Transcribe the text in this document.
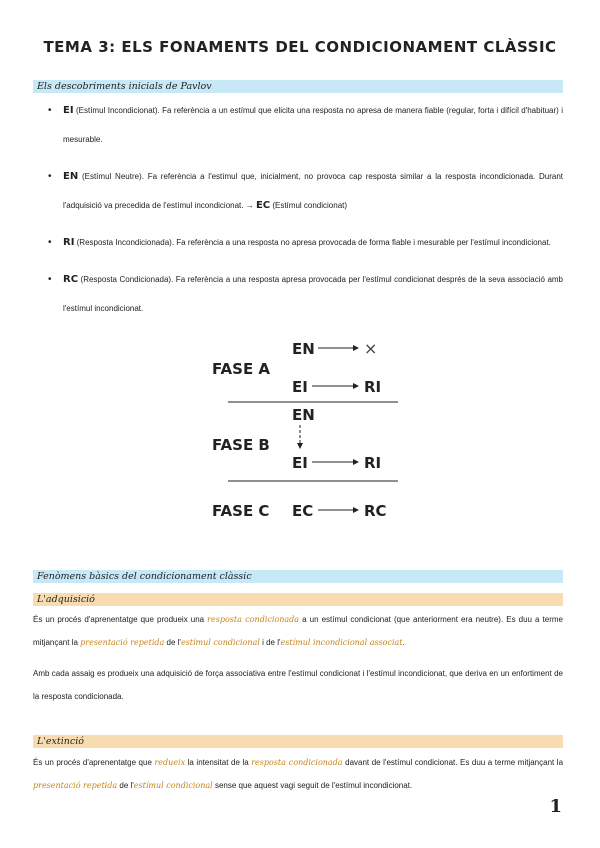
TEMA 3: ELS FONAMENTS DEL CONDICIONAMENT CLÀSSIC
Els descobriments inicials de Pavlov
• EI (Estímul Incondicionat). Fa referència a un estímul que elicita una resposta no apresa de manera fiable (regular, forta i difícil d'habituar) i mesurable.
• EN (Estímul Neutre). Fa referència a l'estímul que, inicialment, no provoca cap resposta similar a la resposta incondicionada. Durant l'adquisició va precedida de l'estímul incondicionat. → EC (Estímul condicionat)
• RI (Resposta Incondicionada). Fa referència a una resposta no apresa provocada de forma fiable i mesurable per l'estímul incondicionat.
• RC (Resposta Condicionada). Fa referència a una resposta apresa provocada per l'estímul condicionat després de la seva associació amb l'estímul incondicionat.
FASE A
EN	×
EI	RI
EN
FASE B
EI	RI
FASE C EC	RC
Fenòmens bàsics del condicionament clàssic
L'adquisició

És un procés d'aprenentatge que produeix una resposta condicionada a un estímul condicionat (que anteriorment era neutre). Es duu a terme mitjançant la presentació repetida de l'estímul condicional i de l'estímul incondicional associat.

Amb cada assaig es produeix una adquisició de força associativa entre l'estímul condicionat i l'estímul incondicionat, que deriva en un enfortiment de la resposta condicionada.

L'extinció

És un procés d'aprenentatge que redueix la intensitat de la resposta condicionada davant de l'estímul condicionat. Es duu a terme mitjançant la presentació repetida de l'estímul condicional sense que aquest vagi seguit de l'estímul incondicionat.

1
